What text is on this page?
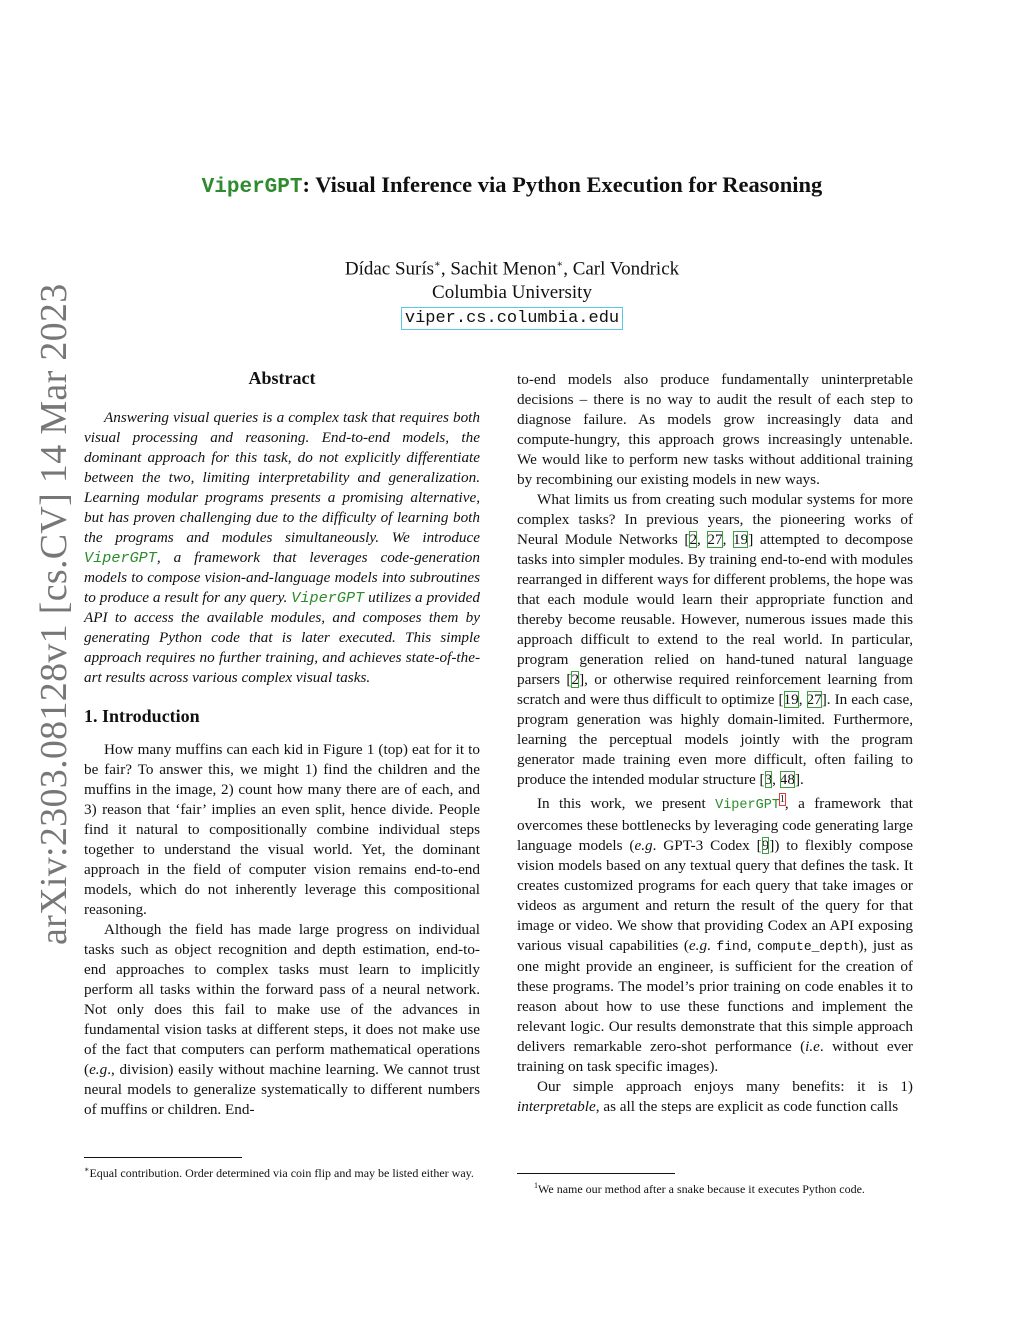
ViperGPT: Visual Inference via Python Execution for Reasoning
Dídac Surís∗, Sachit Menon∗, Carl Vondrick
Columbia University
viper.cs.columbia.edu
arXiv:2303.08128v1 [cs.CV] 14 Mar 2023	Abstract

Answering visual queries is a complex task that requires both visual processing and reasoning. End-to-end models, the dominant approach for this task, do not explicitly differentiate between the two, limiting interpretability and generalization. Learning modular programs presents a promising alternative, but has proven challenging due to the difficulty of learning both the programs and modules simultaneously. We introduce ViperGPT, a framework that leverages code-generation models to compose vision-and-language models into subroutines to produce a result for any query. ViperGPT utilizes a provided API to access the available modules, and composes them by generating Python code that is later executed. This simple approach requires no further training, and achieves state-of-the-art results across various complex visual tasks.

1. Introduction

How many muffins can each kid in Figure 1 (top) eat for it to be fair? To answer this, we might 1) find the children and the muffins in the image, 2) count how many there are of each, and 3) reason that ‘fair’ implies an even split, hence divide. People find it natural to compositionally combine individual steps together to understand the visual world. Yet, the dominant approach in the field of computer vision remains end-to-end models, which do not inherently leverage this compositional reasoning.

Although the field has made large progress on individual tasks such as object recognition and depth estimation, end-to-end approaches to complex tasks must learn to implicitly perform all tasks within the forward pass of a neural network. Not only does this fail to make use of the advances in fundamental vision tasks at different steps, it does not make use of the fact that computers can perform mathematical operations (e.g., division) easily without machine learning. We cannot trust neural models to generalize systematically to different numbers of muffins or children. End-

to-end models also produce fundamentally uninterpretable decisions – there is no way to audit the result of each step to diagnose failure. As models grow increasingly data and compute-hungry, this approach grows increasingly untenable. We would like to perform new tasks without additional training by recombining our existing models in new ways.

What limits us from creating such modular systems for more complex tasks? In previous years, the pioneering works of Neural Module Networks [2, 27, 19] attempted to decompose tasks into simpler modules. By training end-to-end with modules rearranged in different ways for different problems, the hope was that each module would learn their appropriate function and thereby become reusable. However, numerous issues made this approach difficult to extend to the real world. In particular, program generation relied on hand-tuned natural language parsers [2], or otherwise required reinforcement learning from scratch and were thus difficult to optimize [19, 27]. In each case, program generation was highly domain-limited. Furthermore, learning the perceptual models jointly with the program generator made training even more difficult, often failing to produce the intended modular structure [3, 48].

In this work, we present ViperGPT$^1$, a framework that overcomes these bottlenecks by leveraging code generating large language models (e.g. GPT-3 Codex [9]) to flexibly compose vision models based on any textual query that defines the task. It creates customized programs for each query that take images or videos as argument and return the result of the query for that image or video. We show that providing Codex an API exposing various visual capabilities (e.g. find, compute_depth), just as one might provide an engineer, is sufficient for the creation of these programs. The model’s prior training on code enables it to reason about how to use these functions and implement the relevant logic. Our results demonstrate that this simple approach delivers remarkable zero-shot performance (i.e. without ever training on task specific images).

Our simple approach enjoys many benefits: it is 1) interpretable, as all the steps are explicit as code function calls

∗Equal contribution. Order determined via coin flip and may be listed either way.
$^1$We name our method after a snake because it executes Python code.
